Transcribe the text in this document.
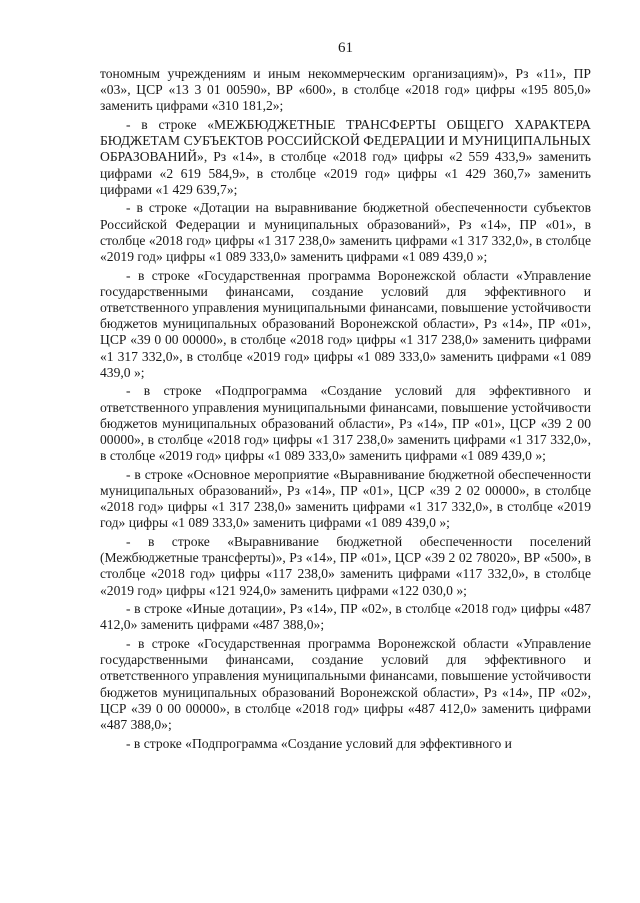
61

тономным учреждениям и иным некоммерческим организациям)», Рз «11», ПР «03», ЦСР «13 3 01 00590», ВР «600», в столбце «2018 год» цифры «195 805,0» заменить цифрами «310 181,2»;

- в строке «МЕЖБЮДЖЕТНЫЕ ТРАНСФЕРТЫ ОБЩЕГО ХАРАКТЕРА БЮДЖЕТАМ СУБЪЕКТОВ РОССИЙСКОЙ ФЕДЕРАЦИИ И МУНИЦИПАЛЬНЫХ ОБРАЗОВАНИЙ», Рз «14», в столбце «2018 год» цифры «2 559 433,9» заменить цифрами «2 619 584,9», в столбце «2019 год» цифры «1 429 360,7» заменить цифрами «1 429 639,7»;

- в строке «Дотации на выравнивание бюджетной обеспеченности субъектов Российской Федерации и муниципальных образований», Рз «14», ПР «01», в столбце «2018 год» цифры «1 317 238,0» заменить цифрами «1 317 332,0», в столбце «2019 год» цифры «1 089 333,0» заменить цифрами «1 089 439,0 »;

- в строке «Государственная программа Воронежской области «Управление государственными финансами, создание условий для эффективного и ответственного управления муниципальными финансами, повышение устойчивости бюджетов муниципальных образований Воронежской области», Рз «14», ПР «01», ЦСР «39 0 00 00000», в столбце «2018 год» цифры «1 317 238,0» заменить цифрами «1 317 332,0», в столбце «2019 год» цифры «1 089 333,0» заменить цифрами «1 089 439,0 »;

- в строке «Подпрограмма «Создание условий для эффективного и ответственного управления муниципальными финансами, повышение устойчивости бюджетов муниципальных образований области», Рз «14», ПР «01», ЦСР «39 2 00 00000», в столбце «2018 год» цифры «1 317 238,0» заменить цифрами «1 317 332,0», в столбце «2019 год» цифры «1 089 333,0» заменить цифрами «1 089 439,0 »;

- в строке «Основное мероприятие «Выравнивание бюджетной обеспеченности муниципальных образований», Рз «14», ПР «01», ЦСР «39 2 02 00000», в столбце «2018 год» цифры «1 317 238,0» заменить цифрами «1 317 332,0», в столбце «2019 год» цифры «1 089 333,0» заменить цифрами «1 089 439,0 »;

- в строке «Выравнивание бюджетной обеспеченности поселений (Межбюджетные трансферты)», Рз «14», ПР «01», ЦСР «39 2 02 78020», ВР «500», в столбце «2018 год» цифры «117 238,0» заменить цифрами «117 332,0», в столбце «2019 год» цифры «121 924,0» заменить цифрами «122 030,0 »;

- в строке «Иные дотации», Рз «14», ПР «02», в столбце «2018 год» цифры «487 412,0» заменить цифрами «487 388,0»;

- в строке «Государственная программа Воронежской области «Управление государственными финансами, создание условий для эффективного и ответственного управления муниципальными финансами, повышение устойчивости бюджетов муниципальных образований Воронежской области», Рз «14», ПР «02», ЦСР «39 0 00 00000», в столбце «2018 год» цифры «487 412,0» заменить цифрами «487 388,0»;

- в строке «Подпрограмма «Создание условий для эффективного и
